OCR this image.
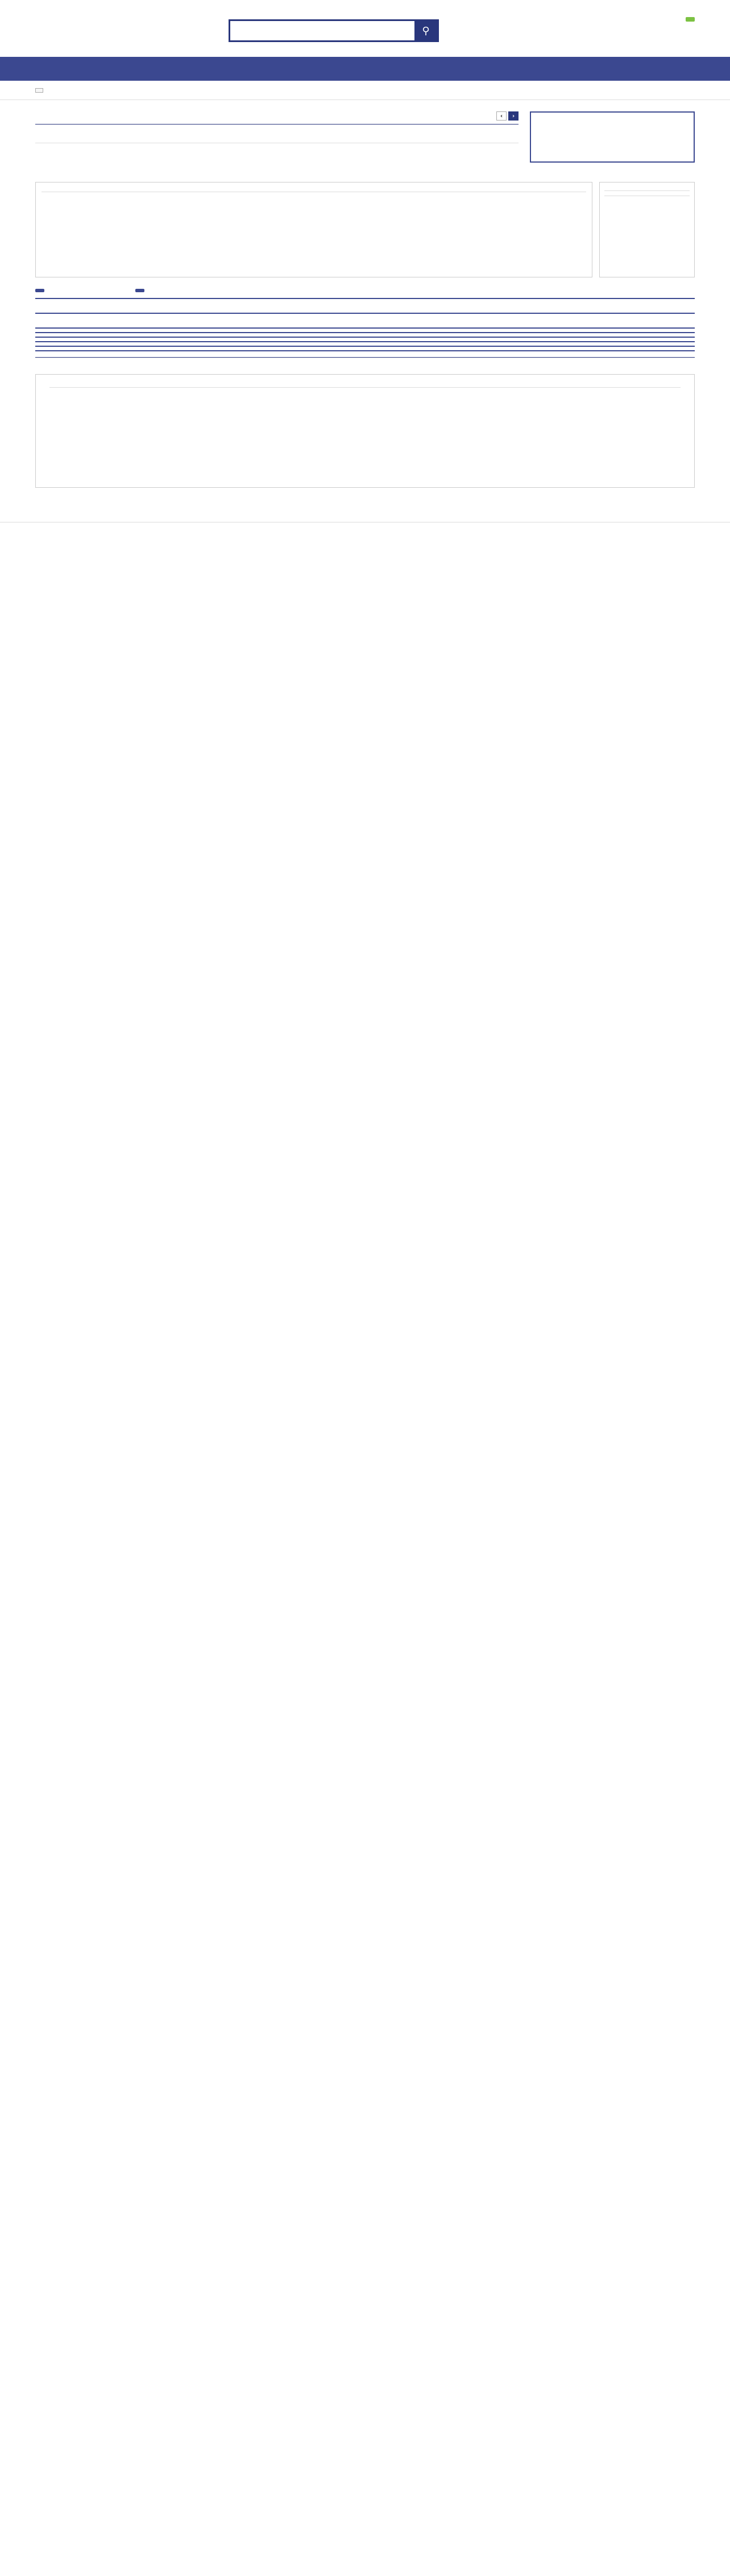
⚲
‹	›
